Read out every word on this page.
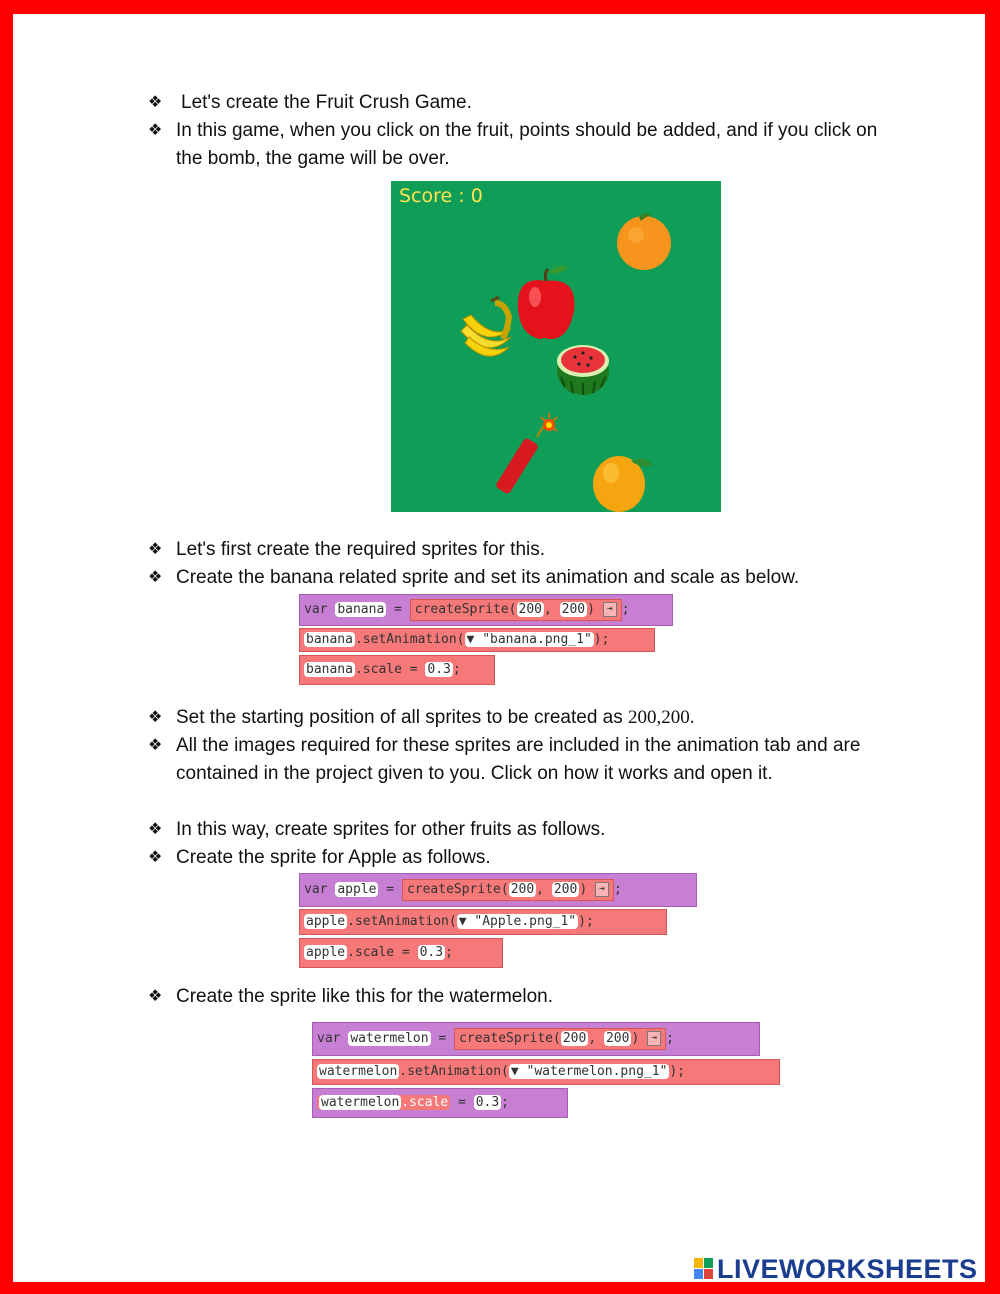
❖ Let's create the Fruit Crush Game.
❖ In this game, when you click on the fruit, points should be added, and if you click on the bomb, the game will be over.
Score : 0
❖ Let's first create the required sprites for this.
❖ Create the banana related sprite and set its animation and scale as below.
var banana = createSprite( 200 , 200 ) ⇥ ;
banana .setAnimation( ▼ "banana.png_1" );
banana .scale = 0.3 ;
❖ Set the starting position of all sprites to be created as 200,200.
❖ All the images required for these sprites are included in the animation tab and are contained in the project given to you. Click on how it works and open it.
❖ In this way, create sprites for other fruits as follows.
❖ Create the sprite for Apple as follows.
var apple = createSprite( 200 , 200 ) ⇥ ;
apple .setAnimation( ▼ "Apple.png_1" );
apple .scale = 0.3 ;
❖ Create the sprite like this for the watermelon.
var watermelon = createSprite( 200 , 200 ) ⇥ ;
watermelon .setAnimation( ▼ "watermelon.png_1" );
watermelon .scale = 0.3 ;
LIVEWORKSHEETS
